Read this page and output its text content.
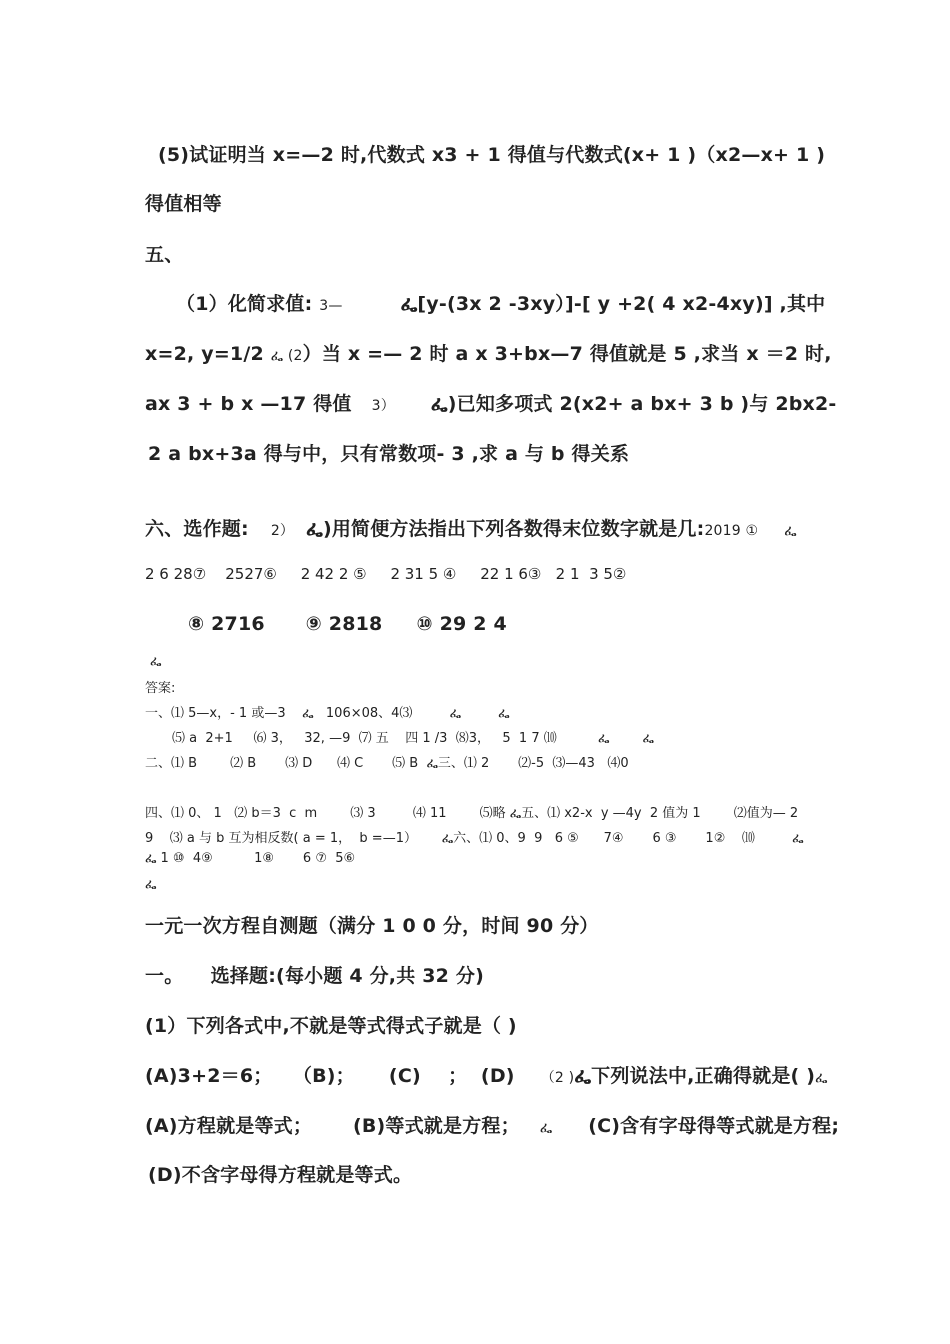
(5)试证明当 x=—2 时,代数式 x3 + 1 得值与代数式(x+ 1 )（x2—x+ 1 )

得值相等

五、

（1）化简求值: 3—	ፌ[y-(3x 2 -3xy）]-[ y +2( 4 x2-4xy)] ,其中

x=2, y=1/2 ፌ (2）当 x =— 2 时 a x 3+bx—7 得值就是 5 ,求当 x ＝2 时,

ax 3 + b x —17 得值 3） ፌ)已知多项式 2(x2+ a bx+ 3 b )与 2bx2-

2 a bx+3a 得与中，只有常数项- 3 ,求 a 与 b 得关系

六、选作题: 2） ፌ)用简便方法指出下列各数得末位数字就是几:2019 ① ፌ

2 6 28⑦    2527⑥     2 42 2 ⑤     2 31 5 ④     22 1 6③   2 1  3 5②

⑧ 2716      ⑨ 2818     ⑩ 29 2 4

ፌ

答案:

一、⑴ 5—x，- 1 或—3    ፌ   106×08、4⑶         ፌ         ፌ

⑸ a  2+1     ⑹ 3，   32, —9  ⑺ 五    四 1 /3  ⑻3，   5  1 7 ⑽          ፌ        ፌ

二、⑴ B        ⑵ B       ⑶ D      ⑷ C       ⑸ B  ፌ三、⑴ 2       ⑵-5  ⑶—43   ⑷0

四、⑴ 0、 1   ⑵ b＝3  c  m        ⑶ 3         ⑷ 11        ⑸略 ፌ五、⑴ x2-x  y —4y  2 值为 1        ⑵值为— 2

9    ⑶ a 与 b 互为相反数( a = 1，  b =—1）      ፌ六、⑴ 0、9  9   6 ⑤      7④       6 ③       1②    ⑽         ፌ

ፌ 1 ⑩  4⑨          1⑧       6 ⑦  5⑥

ፌ

一元一次方程自测题（满分 1 0 0 分，时间 90 分）

一。    选择题:(每小题 4 分,共 32 分)

(1）下列各式中,不就是等式得式子就是（ )

(A)3+2＝6；   （B)；     (C)    ；  (D) （2 )ፌ下列说法中,正确得就是( )ፌ

(A)方程就是等式；      (B)等式就是方程； ፌ (C)含有字母得等式就是方程;

(D)不含字母得方程就是等式。
